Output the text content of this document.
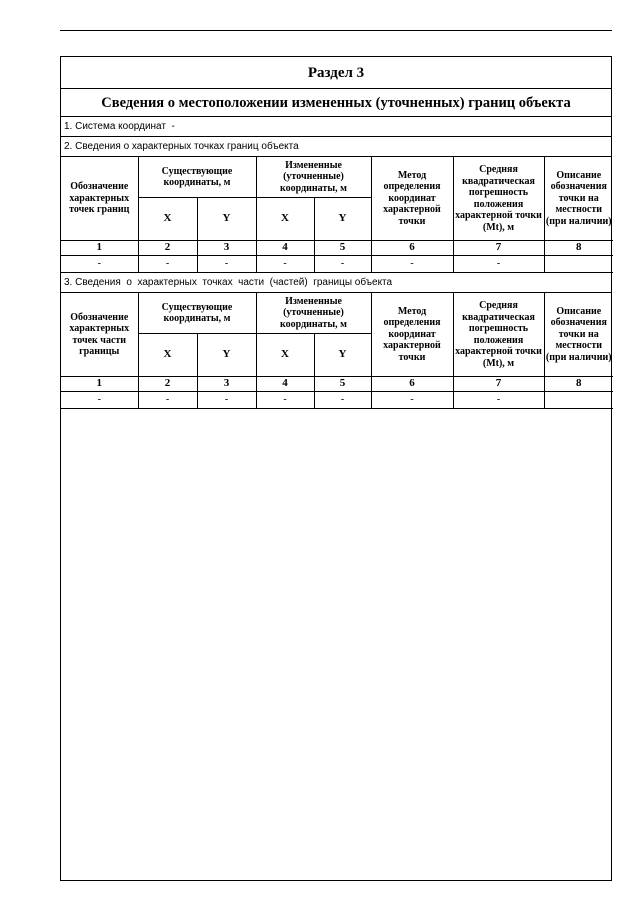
Раздел 3
Сведения о местоположении измененных (уточненных) границ объекта
1. Система координат  -
2. Сведения о характерных точках границ объекта
Обозначение характерных точек границ	Существующие координаты, м		Измененные (уточненные) координаты, м		Метод определения координат характерной точки	Средняя квадратическая погрешность положения характерной точки (Mt), м	Описание обозначения точки на местности (при наличии)
	X	Y	X	Y			
1	2	3	4	5	6	7	8
-	-	-	-	-	-	-	
3. Сведения  о  характерных  точках  части  (частей)  границы объекта
Обозначение характерных точек части границы	Существующие координаты, м		Измененные (уточненные) координаты, м		Метод определения координат характерной точки	Средняя квадратическая погрешность положения характерной точки (Mt), м	Описание обозначения точки на местности (при наличии)
	X	Y	X	Y			
1	2	3	4	5	6	7	8
-	-	-	-	-	-	-	
